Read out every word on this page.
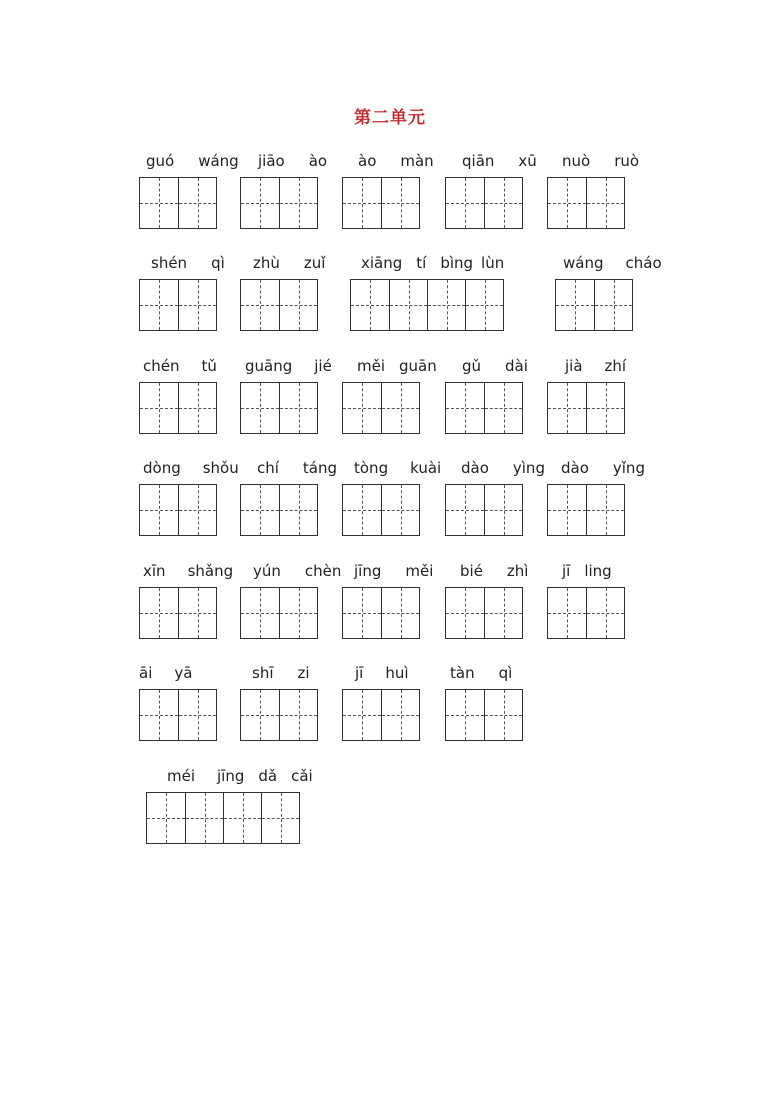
第二单元
guó wáng jiāo ào ào màn qiān xū nuò ruò
shén qì zhù zuǐ xiāng tí bìng lùn	wáng cháo
chén tǔ guāng jié měi guān gǔ dài jià zhí
dòng shǒu chí táng tòng kuài dào yìng dào yǐng
xīn shǎng yún chèn jīng měi bié zhì jī ling
āi yā	shī zi	jī huì	tàn qì
méi jīng dǎ cǎi
